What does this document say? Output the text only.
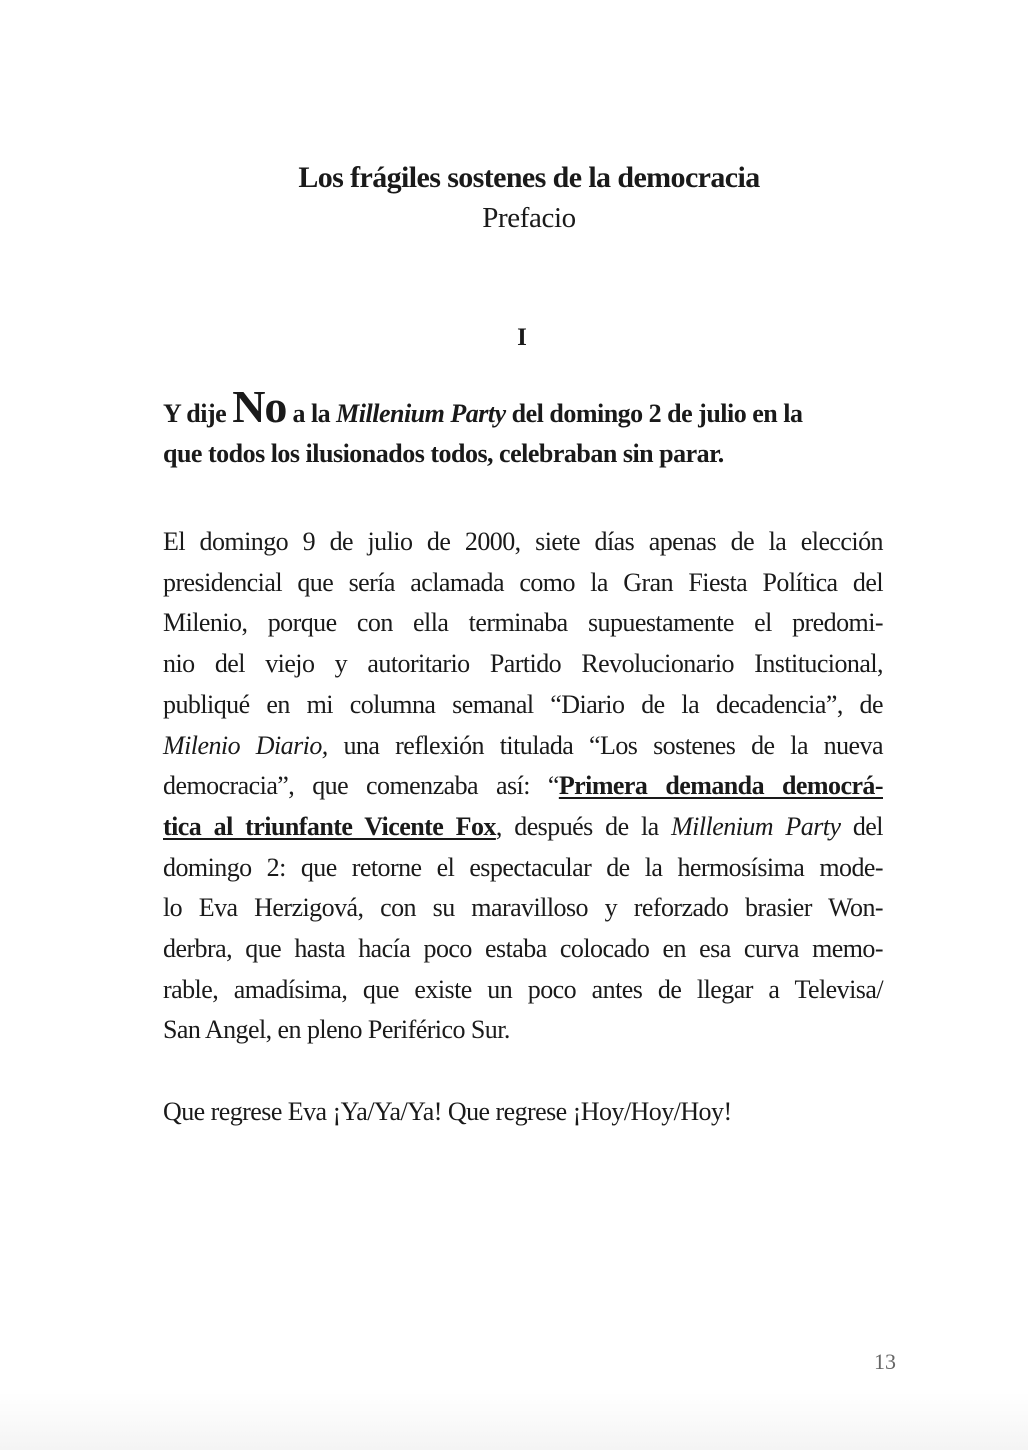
Los frágiles sostenes de la democracia
Prefacio
I

Y dije No a la Millenium Party del domingo 2 de julio en la
que todos los ilusionados todos, celebraban sin parar.

El domingo 9 de julio de 2000, siete días apenas de la elección
presidencial que sería aclamada como la Gran Fiesta Política del
Milenio, porque con ella terminaba supuestamente el predomi-
nio del viejo y autoritario Partido Revolucionario Institucional,
publiqué en mi columna semanal “Diario de la decadencia”, de
Milenio Diario, una reflexión titulada “Los sostenes de la nueva
democracia”, que comenzaba así: “Primera demanda democrá-
tica al triunfante Vicente Fox, después de la Millenium Party del
domingo 2: que retorne el espectacular de la hermosísima mode-
lo Eva Herzigová, con su maravilloso y reforzado brasier Won-
derbra, que hasta hacía poco estaba colocado en esa curva memo-
rable, amadísima, que existe un poco antes de llegar a Televisa/
San Angel, en pleno Periférico Sur.

Que regrese Eva ¡Ya/Ya/Ya! Que regrese ¡Hoy/Hoy/Hoy!

13
